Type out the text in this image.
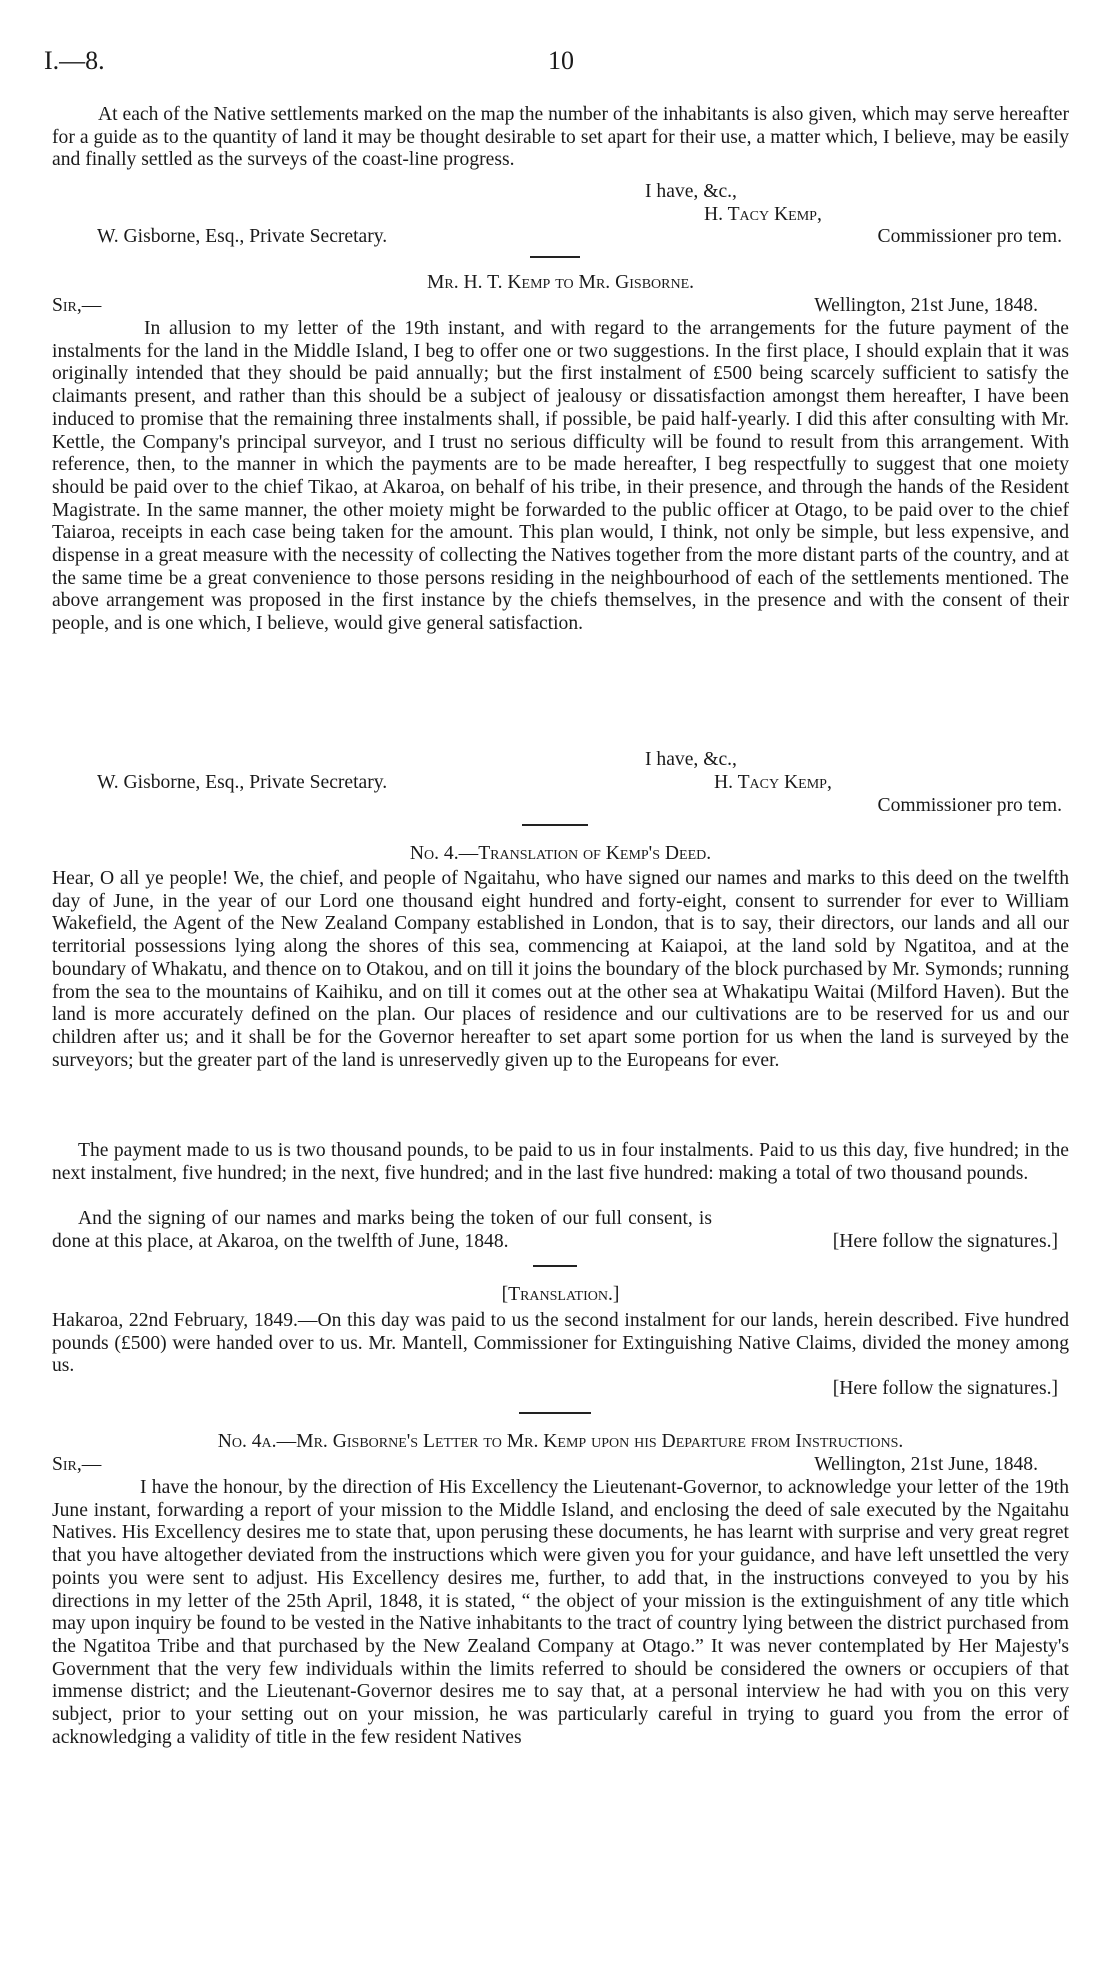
I.—8.	10

At each of the Native settlements marked on the map the number of the inhabitants is also given, which may serve hereafter for a guide as to the quantity of land it may be thought desirable to set apart for their use, a matter which, I believe, may be easily and finally settled as the surveys of the coast-line progress.

I have, &c.,
H. Tacy Kemp,
W. Gisborne, Esq., Private Secretary.	Commissioner pro tem.
Mr. H. T. Kemp to Mr. Gisborne.
Sir,—	Wellington, 21st June, 1848.

In allusion to my letter of the 19th instant, and with regard to the arrangements for the future payment of the instalments for the land in the Middle Island, I beg to offer one or two suggestions. In the first place, I should explain that it was originally intended that they should be paid annually; but the first instalment of £500 being scarcely sufficient to satisfy the claimants present, and rather than this should be a subject of jealousy or dissatisfaction amongst them hereafter, I have been induced to promise that the remaining three instalments shall, if possible, be paid half-yearly. I did this after consulting with Mr. Kettle, the Company's principal surveyor, and I trust no serious difficulty will be found to result from this arrangement. With reference, then, to the manner in which the payments are to be made hereafter, I beg respectfully to suggest that one moiety should be paid over to the chief Tikao, at Akaroa, on behalf of his tribe, in their presence, and through the hands of the Resident Magistrate. In the same manner, the other moiety might be forwarded to the public officer at Otago, to be paid over to the chief Taiaroa, receipts in each case being taken for the amount. This plan would, I think, not only be simple, but less expensive, and dispense in a great measure with the necessity of collecting the Natives together from the more distant parts of the country, and at the same time be a great convenience to those persons residing in the neighbourhood of each of the settlements mentioned. The above arrangement was proposed in the first instance by the chiefs themselves, in the presence and with the consent of their people, and is one which, I believe, would give general satisfaction.

I have, &c.,
W. Gisborne, Esq., Private Secretary.	H. Tacy Kemp,
Commissioner pro tem.
No. 4.—Translation of Kemp's Deed.

Hear, O all ye people! We, the chief, and people of Ngaitahu, who have signed our names and marks to this deed on the twelfth day of June, in the year of our Lord one thousand eight hundred and forty-eight, consent to surrender for ever to William Wakefield, the Agent of the New Zealand Company established in London, that is to say, their directors, our lands and all our territorial possessions lying along the shores of this sea, commencing at Kaiapoi, at the land sold by Ngatitoa, and at the boundary of Whakatu, and thence on to Otakou, and on till it joins the boundary of the block purchased by Mr. Symonds; running from the sea to the mountains of Kaihiku, and on till it comes out at the other sea at Whakatipu Waitai (Milford Haven). But the land is more accurately defined on the plan. Our places of residence and our cultivations are to be reserved for us and our children after us; and it shall be for the Governor hereafter to set apart some portion for us when the land is surveyed by the surveyors; but the greater part of the land is unreservedly given up to the Europeans for ever.

The payment made to us is two thousand pounds, to be paid to us in four instalments. Paid to us this day, five hundred; in the next instalment, five hundred; in the next, five hundred; and in the last five hundred: making a total of two thousand pounds.

And the signing of our names and marks being the token of our full consent, is done at this place, at Akaroa, on the twelfth of June, 1848.	[Here follow the signatures.]
[Translation.]

Hakaroa, 22nd February, 1849.—On this day was paid to us the second instalment for our lands, herein described. Five hundred pounds (£500) were handed over to us. Mr. Mantell, Commissioner for Extinguishing Native Claims, divided the money among us.

[Here follow the signatures.]
No. 4a.—Mr. Gisborne's Letter to Mr. Kemp upon his Departure from Instructions.
Sir,—	Wellington, 21st June, 1848.

I have the honour, by the direction of His Excellency the Lieutenant-Governor, to acknowledge your letter of the 19th June instant, forwarding a report of your mission to the Middle Island, and enclosing the deed of sale executed by the Ngaitahu Natives. His Excellency desires me to state that, upon perusing these documents, he has learnt with surprise and very great regret that you have altogether deviated from the instructions which were given you for your guidance, and have left unsettled the very points you were sent to adjust. His Excellency desires me, further, to add that, in the instructions conveyed to you by his directions in my letter of the 25th April, 1848, it is stated, “ the object of your mission is the extinguishment of any title which may upon inquiry be found to be vested in the Native inhabitants to the tract of country lying between the district purchased from the Ngatitoa Tribe and that purchased by the New Zealand Company at Otago.” It was never contemplated by Her Majesty's Government that the very few individuals within the limits referred to should be considered the owners or occupiers of that immense district; and the Lieutenant-Governor desires me to say that, at a personal interview he had with you on this very subject, prior to your setting out on your mission, he was particularly careful in trying to guard you from the error of acknowledging a validity of title in the few resident Natives
